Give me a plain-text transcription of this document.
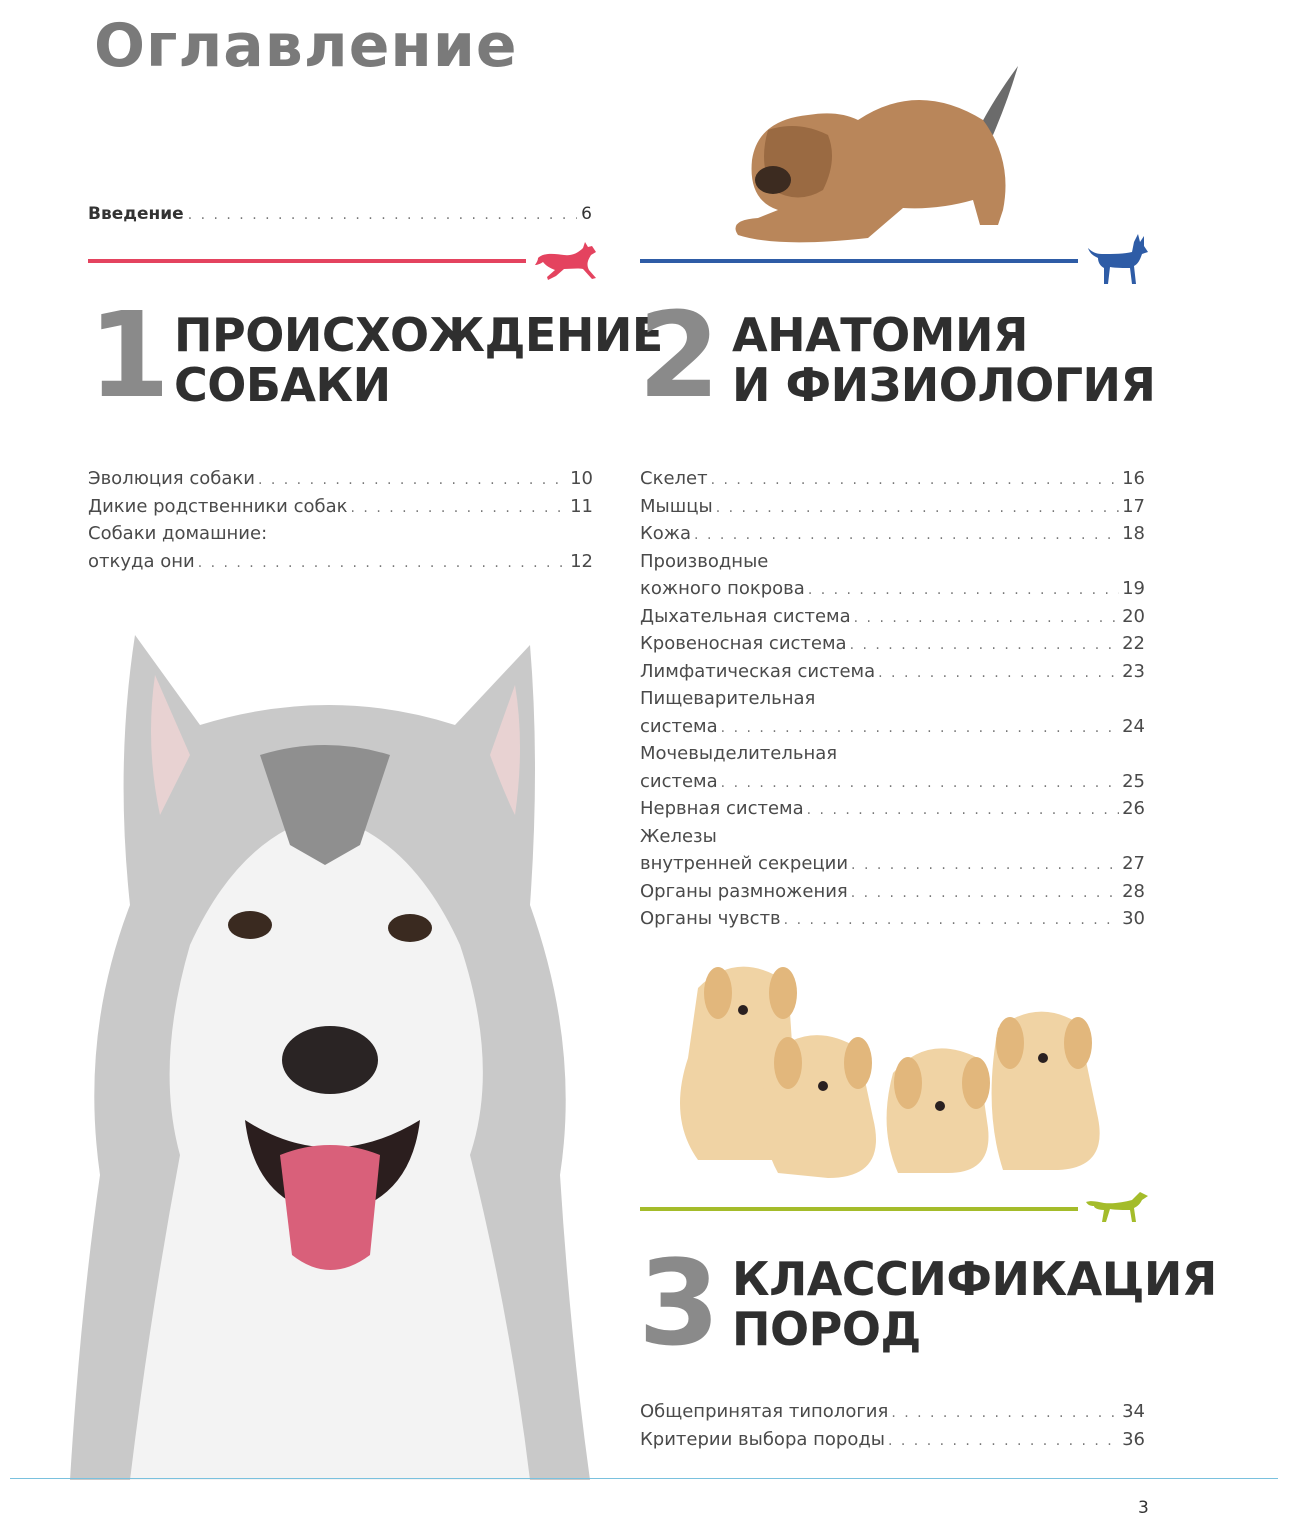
Оглавление
Введение . . .	6
1 ПРОИСХОЖДЕНИЕ
СОБАКИ
Эволюция собаки . . .	10
Дикие родственники собак . . .	11
Собаки домашние:
откуда они . . .	12
2 АНАТОМИЯ
И ФИЗИОЛОГИЯ
Скелет . . .	16
Мышцы . . .	17
Кожа . . .	18
Производные
кожного покрова . . .	19
Дыхательная система . . .	20
Кровеносная система . . .	22
Лимфатическая система . . .	23
Пищеварительная
система . . .	24
Мочевыделительная
система . . .	25
Нервная система . . .	26
Железы
внутренней секреции . . .	27
Органы размножения . . .	28
Органы чувств . . .	30
3 КЛАССИФИКАЦИЯ
ПОРОД
Общепринятая типология . . .	34
Критерии выбора породы . . .	36
3
